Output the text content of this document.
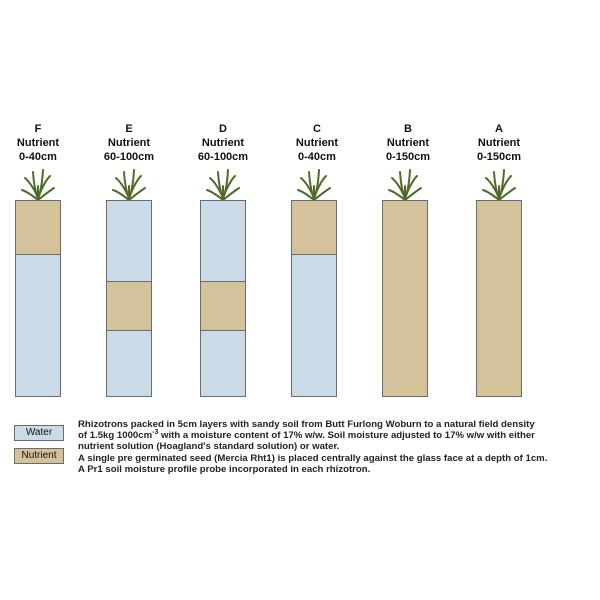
F
Nutrient
0-40cm
E
Nutrient
60-100cm
D
Nutrient
60-100cm
C
Nutrient
0-40cm
B
Nutrient
0-150cm
A
Nutrient
0-150cm
Water
Nutrient

Rhizotrons packed in 5cm layers with sandy soil from Butt Furlong Woburn to a natural field density

of 1.5kg $1000cm^{-3}$ with a moisture content of 17% w/w. Soil moisture adjusted to 17% w/w with either

nutrient solution (Hoagland's standard solution) or water.

A single pre germinated seed (Mercia Rht1) is placed centrally against the glass face at a depth of 1cm.

A Pr1 soil moisture profile probe incorporated in each rhizotron.
